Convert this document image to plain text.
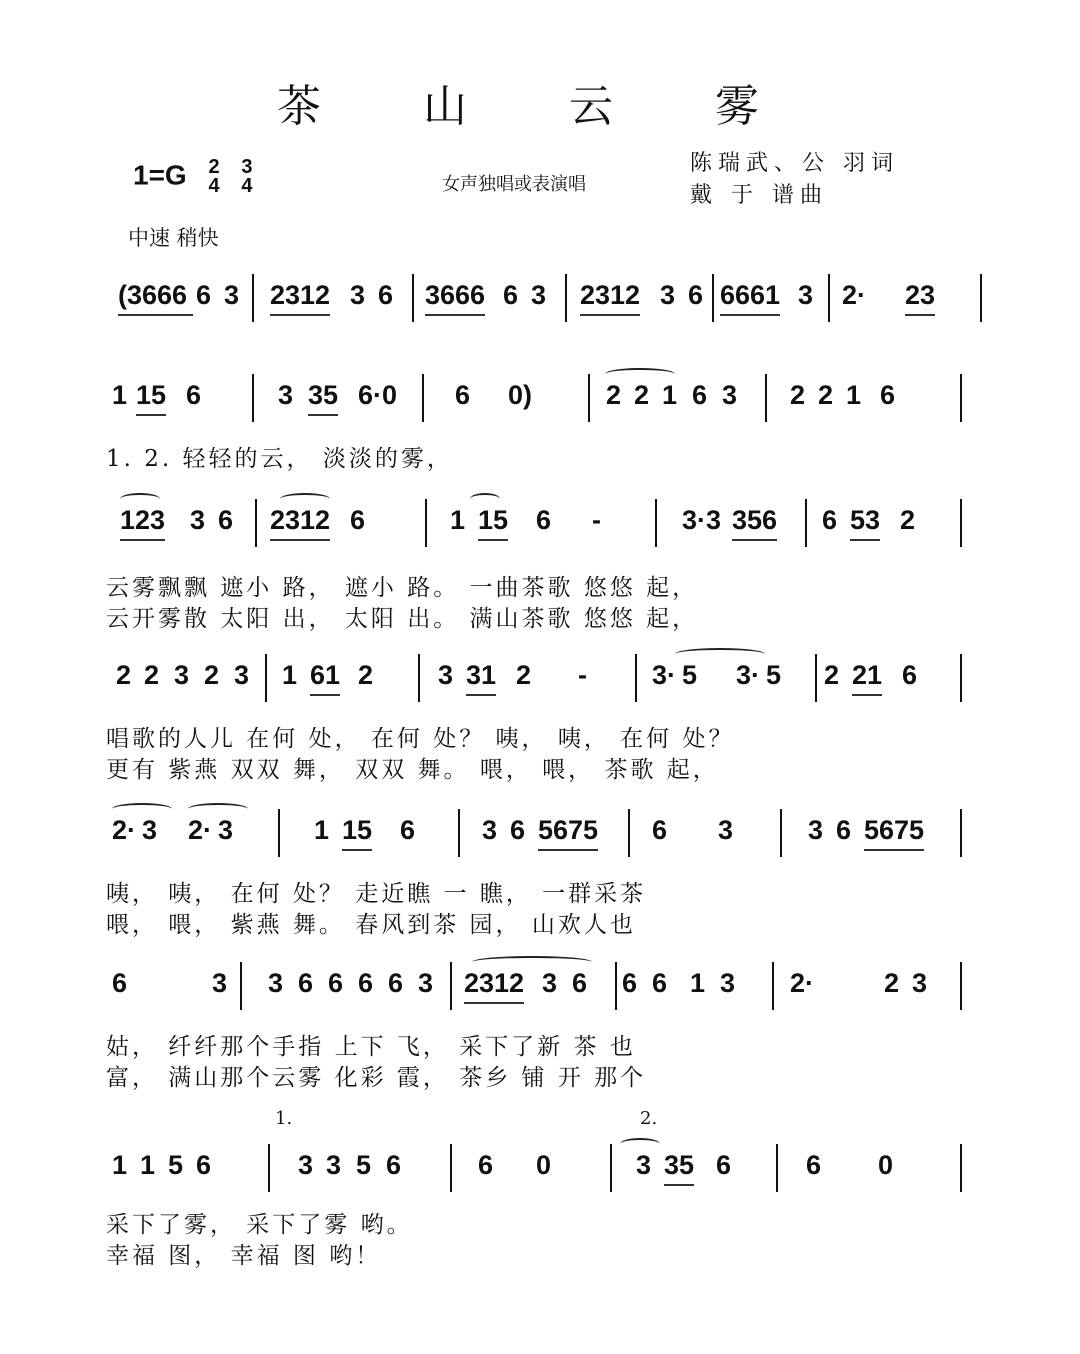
茶 山 云 雾
1=G 2
4 3
4	女声独唱或表演唱
陈瑞武、公 羽词
戴 于 谱曲
中速 稍快
(3666 6 3 2312 3 6 3666 6 3 2312 3 6 6661 3 2· 23
1 15 6	3 35 6·0 6 0)	2 2 1 6 3 2 2 1 6
1. 2. 轻轻的云， 淡淡的雾，
123 3 6 2312 6	1 15 6 -	3·3 356 6 53 2
云雾飘飘 遮小 路， 遮小 路。 一曲茶歌 悠悠 起，
云开雾散 太阳 出， 太阳 出。 满山茶歌 悠悠 起，
2 2 3 2 3 1 61 2 3 31 2 - 3· 5 3· 5 2 21 6
唱歌的人儿 在何 处， 在何 处？ 咦， 咦， 在何 处？
更有 紫燕 双双 舞， 双双 舞。 喂， 喂， 茶歌 起，
2· 3 2· 3	1 15 6 3 6 5675 6 3	3 6 5675
咦， 咦， 在何 处？ 走近瞧 一 瞧， 一群采茶
喂， 喂， 紫燕 舞。 春风到茶 园， 山欢人也
6	3 3 6 6 6 6 3 2312 3 6 6 6 1 3 2·	2 3
姑， 纤纤那个手指 上下 飞， 采下了新 茶 也
富， 满山那个云雾 化彩 霞， 茶乡 铺 开 那个
1 1 5 6	3 3 5 6	6 0	3 35 6	6 0
采下了雾， 采下了雾 哟。
幸福 图， 幸福 图 哟！
1.	2.
